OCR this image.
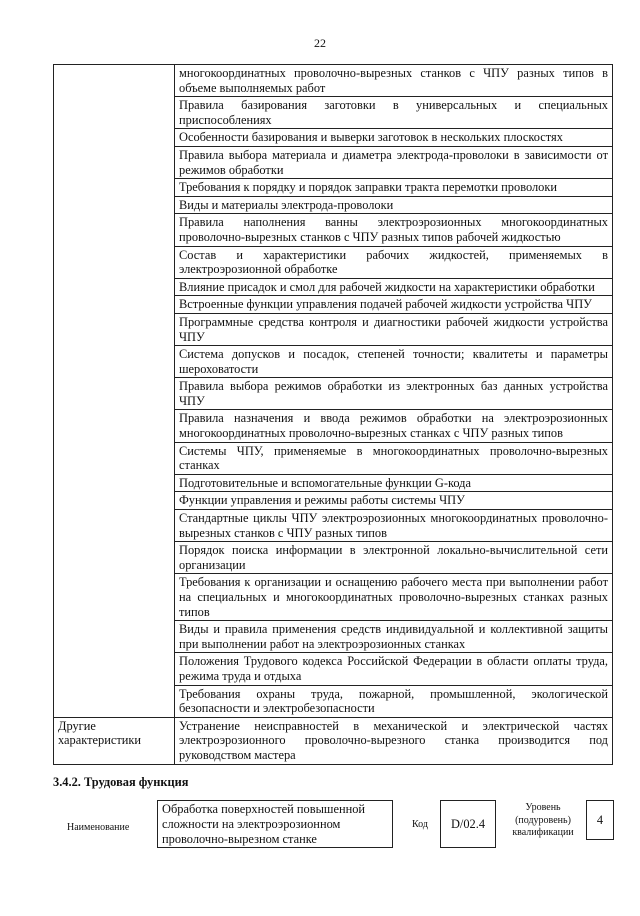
22
	многокоординатных проволочно-вырезных станков с ЧПУ разных типов в объеме выполняемых работ
	Правила базирования заготовки в универсальных и специальных приспособлениях
	Особенности базирования и выверки заготовок в нескольких плоскостях
	Правила выбора материала и диаметра электрода-проволоки в зависимости от режимов обработки
	Требования к порядку и порядок заправки тракта перемотки проволоки
	Виды и материалы электрода-проволоки
	Правила наполнения ванны электроэрозионных многокоординатных проволочно-вырезных станков с ЧПУ разных типов рабочей жидкостью
	Состав и характеристики рабочих жидкостей, применяемых в электроэрозионной обработке
	Влияние присадок и смол для рабочей жидкости на характеристики обработки
	Встроенные функции управления подачей рабочей жидкости устройства ЧПУ
	Программные средства контроля и диагностики рабочей жидкости устройства ЧПУ
	Система допусков и посадок, степеней точности; квалитеты и параметры шероховатости
	Правила выбора режимов обработки из электронных баз данных устройства ЧПУ
	Правила назначения и ввода режимов обработки на электроэрозионных многокоординатных проволочно-вырезных станках с ЧПУ разных типов
	Системы ЧПУ, применяемые в многокоординатных проволочно-вырезных станках
	Подготовительные и вспомогательные функции G-кода
	Функции управления и режимы работы системы ЧПУ
	Стандартные циклы ЧПУ электроэрозионных многокоординатных проволочно-вырезных станков с ЧПУ разных типов
	Порядок поиска информации в электронной локально-вычислительной сети организации
	Требования к организации и оснащению рабочего места при выполнении работ на специальных и многокоординатных проволочно-вырезных станках разных типов
	Виды и правила применения средств индивидуальной и коллективной защиты при выполнении работ на электроэрозионных станках
	Положения Трудового кодекса Российской Федерации в области оплаты труда, режима труда и отдыха
	Требования охраны труда, пожарной, промышленной, экологической безопасности и электробезопасности
Другие характеристики	Устранение неисправностей в механической и электрической частях электроэрозионного проволочно-вырезного станка производится под руководством мастера
3.4.2. Трудовая функция
Наименование
Обработка поверхностей повышенной сложности на электроэрозионном проволочно-вырезном станке
Код	D/02.4
Уровень (подуровень) квалификации
4
